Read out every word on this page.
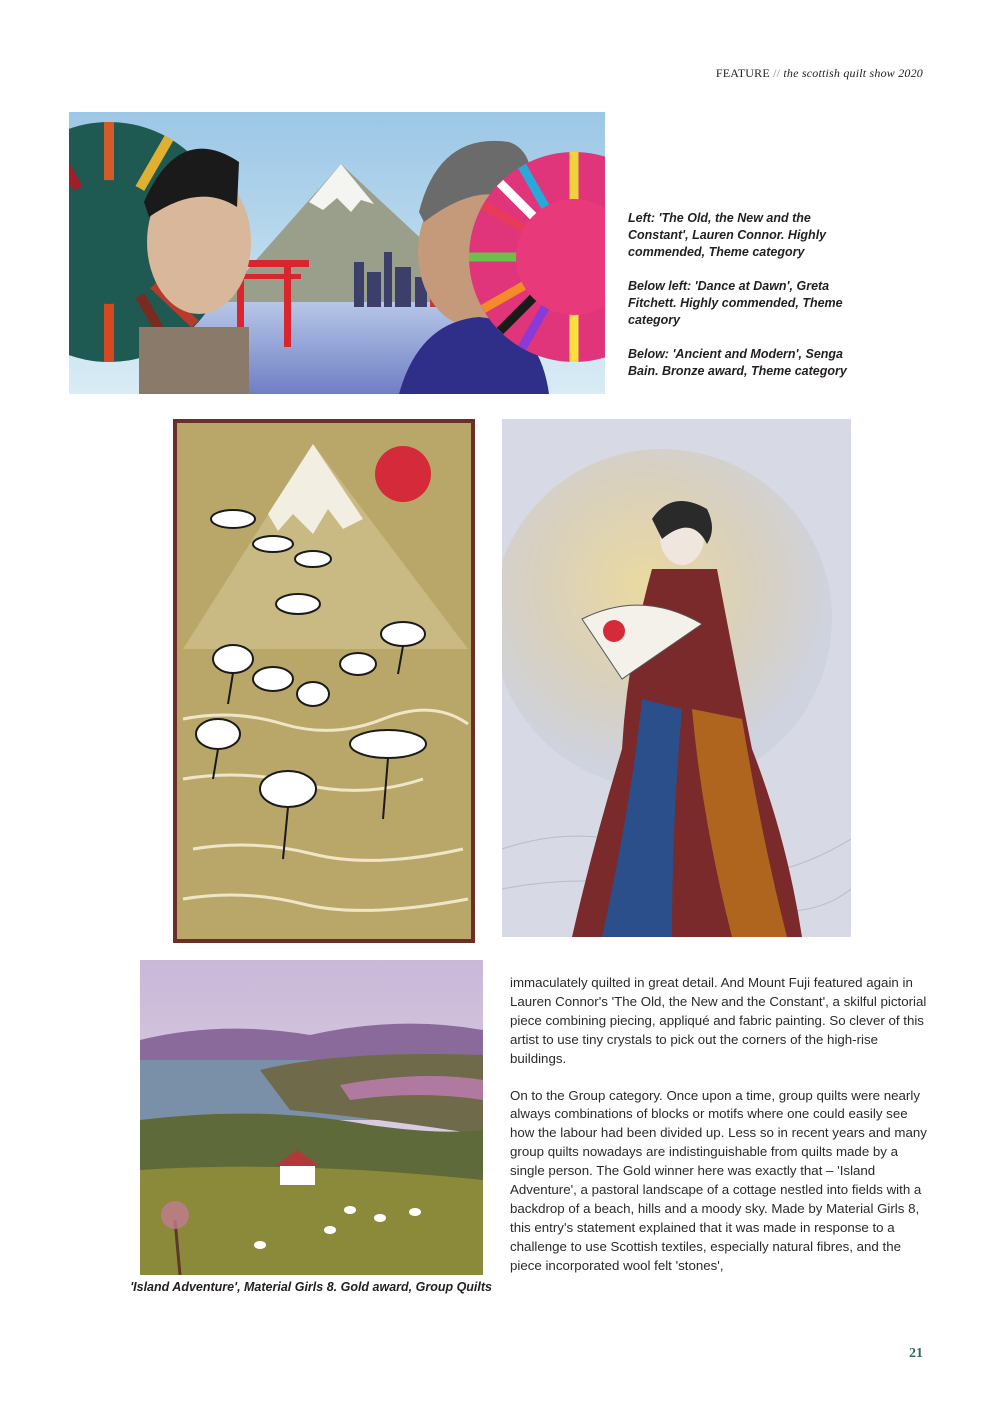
FEATURE // the scottish quilt show 2020

Left: 'The Old, the New and the Constant', Lauren Connor. Highly commended, Theme category

Below left: 'Dance at Dawn', Greta Fitchett. Highly commended, Theme category

Below: 'Ancient and Modern', Senga Bain. Bronze award, Theme category

'Island Adventure', Material Girls 8. Gold award, Group Quilts

immaculately quilted in great detail. And Mount Fuji featured again in Lauren Connor's 'The Old, the New and the Constant', a skilful pictorial piece combining piecing, appliqué and fabric painting. So clever of this artist to use tiny crystals to pick out the corners of the high-rise buildings.

On to the Group category. Once upon a time, group quilts were nearly always combinations of blocks or motifs where one could easily see how the labour had been divided up. Less so in recent years and many group quilts nowadays are indistinguishable from quilts made by a single person. The Gold winner here was exactly that – 'Island Adventure', a pastoral landscape of a cottage nestled into fields with a backdrop of a beach, hills and a moody sky. Made by Material Girls 8, this entry's statement explained that it was made in response to a challenge to use Scottish textiles, especially natural fibres, and the piece incorporated wool felt 'stones',

21
